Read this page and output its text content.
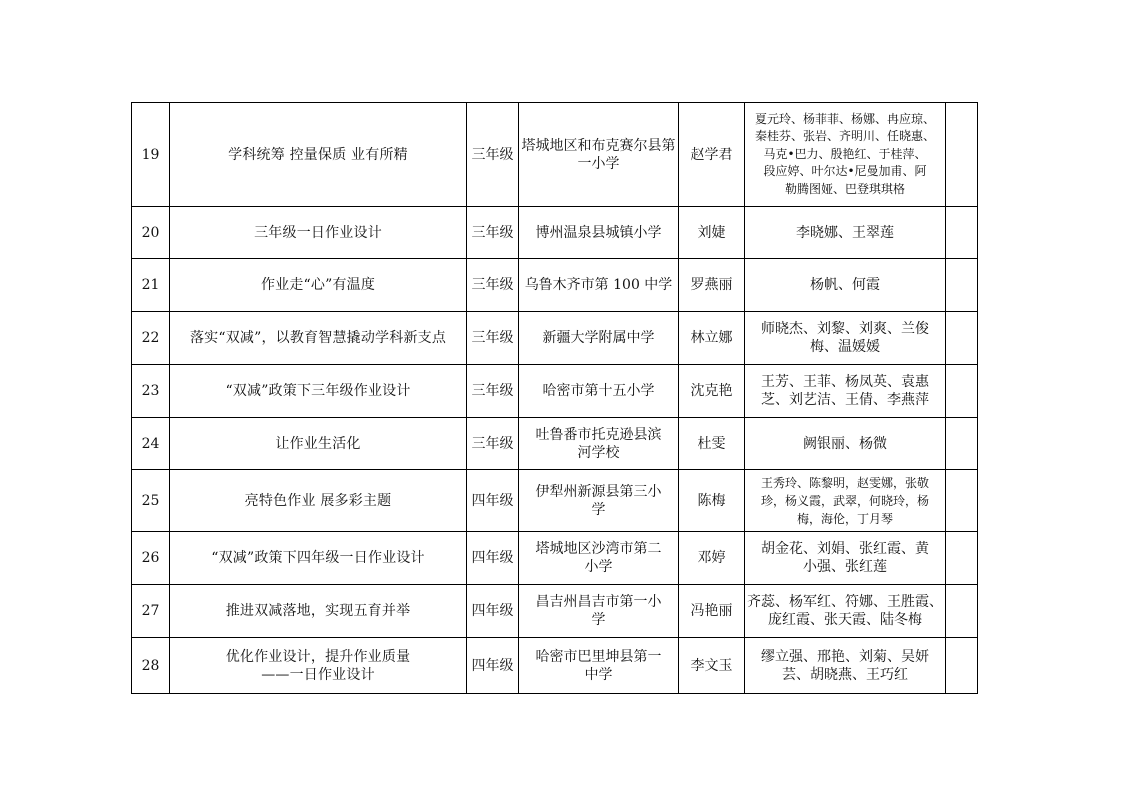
19	学科统筹 控量保质 业有所精	三年级	塔城地区和布克赛尔县第
一小学	赵学君	夏元玲、杨菲菲、杨娜、冉应琼、
秦桂芬、张岩、齐明川、任晓惠、
马克•巴力、殷艳红、于桂萍、
段应婷、叶尔达•尼曼加甫、阿
勒腾图娅、巴登琪琪格	

20	三年级一日作业设计	三年级	博州温泉县城镇小学	刘婕	李晓娜、王翠莲	

21	作业走“心”有温度	三年级	乌鲁木齐市第 100 中学	罗燕丽	杨帆、何霞	

22	落实“双减”，以教育智慧撬动学科新支点	三年级	新疆大学附属中学	林立娜	师晓杰、刘黎、刘爽、兰俊
梅、温媛媛	

23	“双减”政策下三年级作业设计	三年级	哈密市第十五小学	沈克艳	王芳、王菲、杨凤英、袁惠
芝、刘艺洁、王倩、李燕萍	

24	让作业生活化	三年级	吐鲁番市托克逊县滨
河学校	杜雯	阙银丽、杨微	

25	亮特色作业 展多彩主题	四年级	伊犁州新源县第三小
学	陈梅	王秀玲、陈黎明，赵雯娜，张敬
珍，杨义霞，武翠，何晓玲，杨
梅，海伦，丁月琴	

26	“双减”政策下四年级一日作业设计	四年级	塔城地区沙湾市第二
小学	邓婷	胡金花、刘娟、张红霞、黄
小强、张红莲	

27	推进双减落地，实现五育并举	四年级	昌吉州昌吉市第一小
学	冯艳丽	齐蕊、杨军红、符娜、王胜霞、
庞红霞、张天霞、陆冬梅	

28	优化作业设计，提升作业质量
——一日作业设计	四年级	哈密市巴里坤县第一
中学	李文玉	缪立强、邢艳、刘菊、吴妍
芸、胡晓燕、王巧红	
